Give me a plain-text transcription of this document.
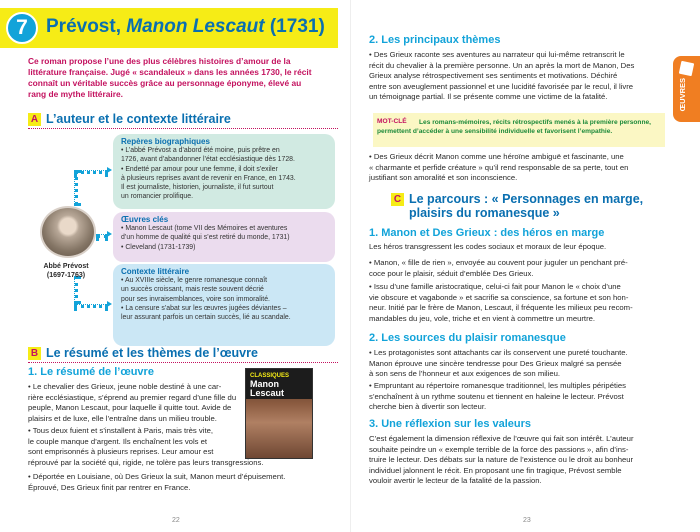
7 Prévost, Manon Lescaut (1731)
Ce roman propose l’une des plus célèbres histoires d’amour de la littérature française. Jugé « scandaleux » dans les années 1730, le récit connaît un véritable succès grâce au personnage éponyme, élevé au rang de mythe littéraire.
A L’auteur et le contexte littéraire
Abbé Prévost
(1697-1763)
Repères biographiques
• L’abbé Prévost a d’abord été moine, puis prêtre en
1726, avant d’abandonner l’état ecclésiastique dès 1728.
• Endetté par amour pour une femme, il doit s’exiler
à plusieurs reprises avant de revenir en France, en 1743.
Il est journaliste, historien, journaliste, il fut surtout
un romancier prolifique.
Œuvres clés
• Manon Lescaut (tome VII des Mémoires et aventures
d’un homme de qualité qui s’est retiré du monde, 1731)
• Cleveland (1731-1739)
Contexte littéraire
• Au XVIIIe siècle, le genre romanesque connaît
un succès croissant, mais reste souvent décrié
pour ses invraisemblances, voire son immoralité.
• La censure s’abat sur les œuvres jugées déviantes –
leur assurant parfois un certain succès, lié au scandale.
B Le résumé et les thèmes de l’œuvre
1. Le résumé de l’œuvre	CLASSIQUES
Manon Lescaut
• Le chevalier des Grieux, jeune noble destiné à une car-
rière ecclésiastique, s’éprend au premier regard d’une fille du
peuple, Manon Lescaut, pour laquelle il quitte tout. Avide de
plaisirs et de luxe, elle l’entraîne dans un milieu trouble.
• Tous deux fuient et s’installent à Paris, mais très vite,
le couple manque d’argent. Ils enchaînent les vols et
sont emprisonnés à plusieurs reprises. Leur amour est
réprouvé par la société qui, rigide, ne tolère pas leurs transgressions.
• Déportée en Louisiane, où Des Grieux la suit, Manon meurt d’épuisement.
Éprouvé, Des Grieux finit par rentrer en France.
22
2. Les principaux thèmes
• Des Grieux raconte ses aventures au narrateur qui lui-même retranscrit le
récit du chevalier à la première personne. Un an après la mort de Manon, Des
Grieux analyse rétrospectivement ses sentiments et motivations. Déchiré
entre son aveuglement passionnel et une lucidité favorisée par le recul, il livre
un témoignage partial. Il se présente comme une victime de la fatalité.
Les romans-mémoires, récits rétrospectifs menés à la première personne, permettent d’accéder à une sensibilité individuelle et favorisent l’empathie.
MOT-CLÉ
• Des Grieux décrit Manon comme une héroïne ambiguë et fascinante, une
« charmante et perfide créature » qu’il rend responsable de sa perte, tout en
justifiant son amoralité et son inconscience.
C Le parcours : « Personnages en marge,
plaisirs du romanesque »
1. Manon et Des Grieux : des héros en marge
Les héros transgressent les codes sociaux et moraux de leur époque.
• Manon, « fille de rien », envoyée au couvent pour juguler un penchant pré-
coce pour le plaisir, séduit d’emblée Des Grieux.
• Issu d’une famille aristocratique, celui-ci fait pour Manon le « choix d’une
vie obscure et vagabonde » et sacrifie sa conscience, sa fortune et son hon-
neur. Initié par le frère de Manon, Lescaut, il fréquente les milieux peu recom-
mandables du jeu, vole, triche et en vient à commettre un meurtre.
2. Les sources du plaisir romanesque
• Les protagonistes sont attachants car ils conservent une pureté touchante.
Manon éprouve une sincère tendresse pour Des Grieux malgré sa pensée
à son sens de l’honneur et aux exigences de son milieu.
• Empruntant au répertoire romanesque traditionnel, les multiples péripéties
s’enchaînent à un rythme soutenu et tiennent en haleine le lecteur. Prévost
cherche bien à divertir son lecteur.
3. Une réflexion sur les valeurs
C’est également la dimension réflexive de l’œuvre qui fait son intérêt. L’auteur
souhaite peindre un « exemple terrible de la force des passions », afin d’ins-
truire le lecteur. Des débats sur la nature de l’existence ou le droit au bonheur
individuel jalonnent le récit. En proposant une fin tragique, Prévost semble
vouloir avertir le lecteur de la fatalité de la passion.
ŒUVRES
23
